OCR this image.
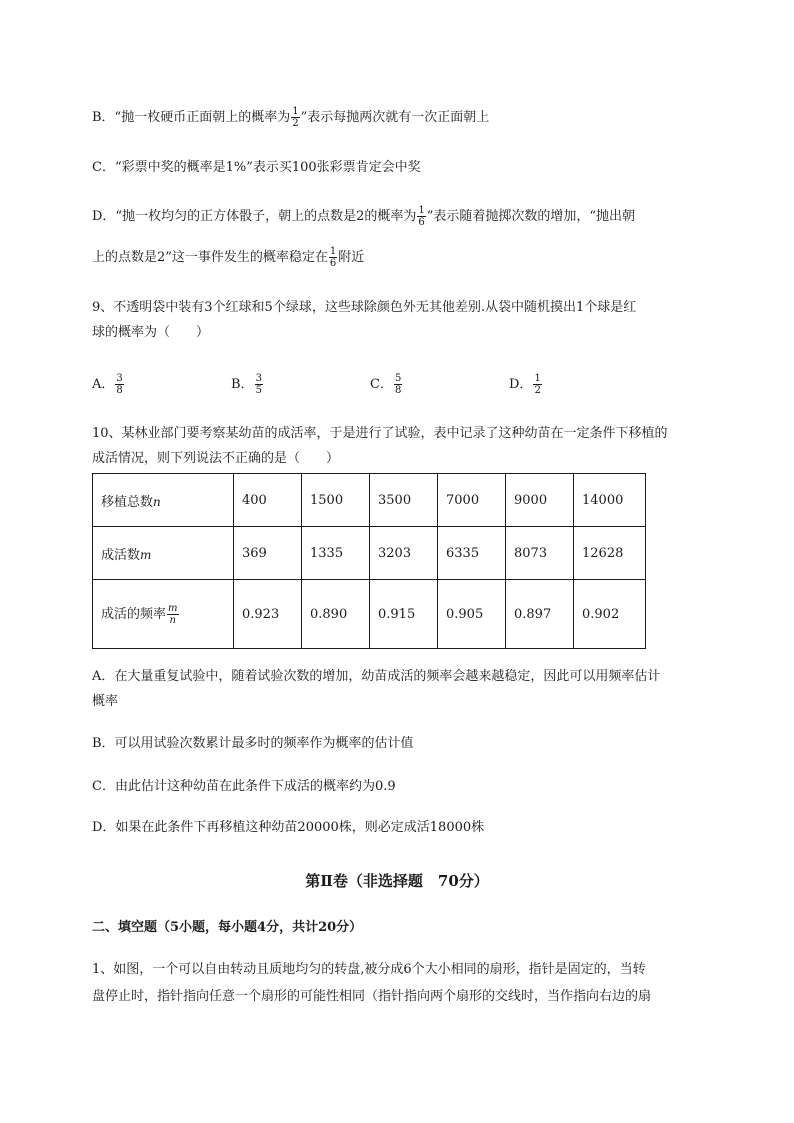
B．“抛一枚硬币正面朝上的概率为 $\frac{1}{2}$ ”表示每抛两次就有一次正面朝上
C．“彩票中奖的概率是1%”表示买100张彩票肯定会中奖
D．“抛一枚均匀的正方体骰子，朝上的点数是2的概率为 $\frac{1}{6}$ ”表示随着抛掷次数的增加，“抛出朝
上的点数是2”这一事件发生的概率稳定在 $\frac{1}{6}$ 附近
9、不透明袋中装有3个红球和5个绿球，这些球除颜色外无其他差别.从袋中随机摸出1个球是红
球的概率为（　　）
A． $\frac{3}{8}$	B． $\frac{3}{5}$	C． $\frac{5}{8}$	D． $\frac{1}{2}$
10、某林业部门要考察某幼苗的成活率，于是进行了试验，表中记录了这种幼苗在一定条件下移植的
成活情况，则下列说法不正确的是（　　）
移植总数n	400	1500	3500	7000	9000	14000
成活数m	369	1335	3203	6335	8073	12628
成活的频率 $\frac{m}{n}$	0.923	0.890	0.915	0.905	0.897	0.902
A．在大量重复试验中，随着试验次数的增加，幼苗成活的频率会越来越稳定，因此可以用频率估计
概率
B．可以用试验次数累计最多时的频率作为概率的估计值
C．由此估计这种幼苗在此条件下成活的概率约为0.9
D．如果在此条件下再移植这种幼苗20000株，则必定成活18000株
第Ⅱ卷（非选择题　70分）
二、填空题（5小题，每小题4分，共计20分）
1、如图，一个可以自由转动且质地均匀的转盘,被分成6个大小相同的扇形，指针是固定的，当转
盘停止时，指针指向任意一个扇形的可能性相同（指针指向两个扇形的交线时，当作指向右边的扇
